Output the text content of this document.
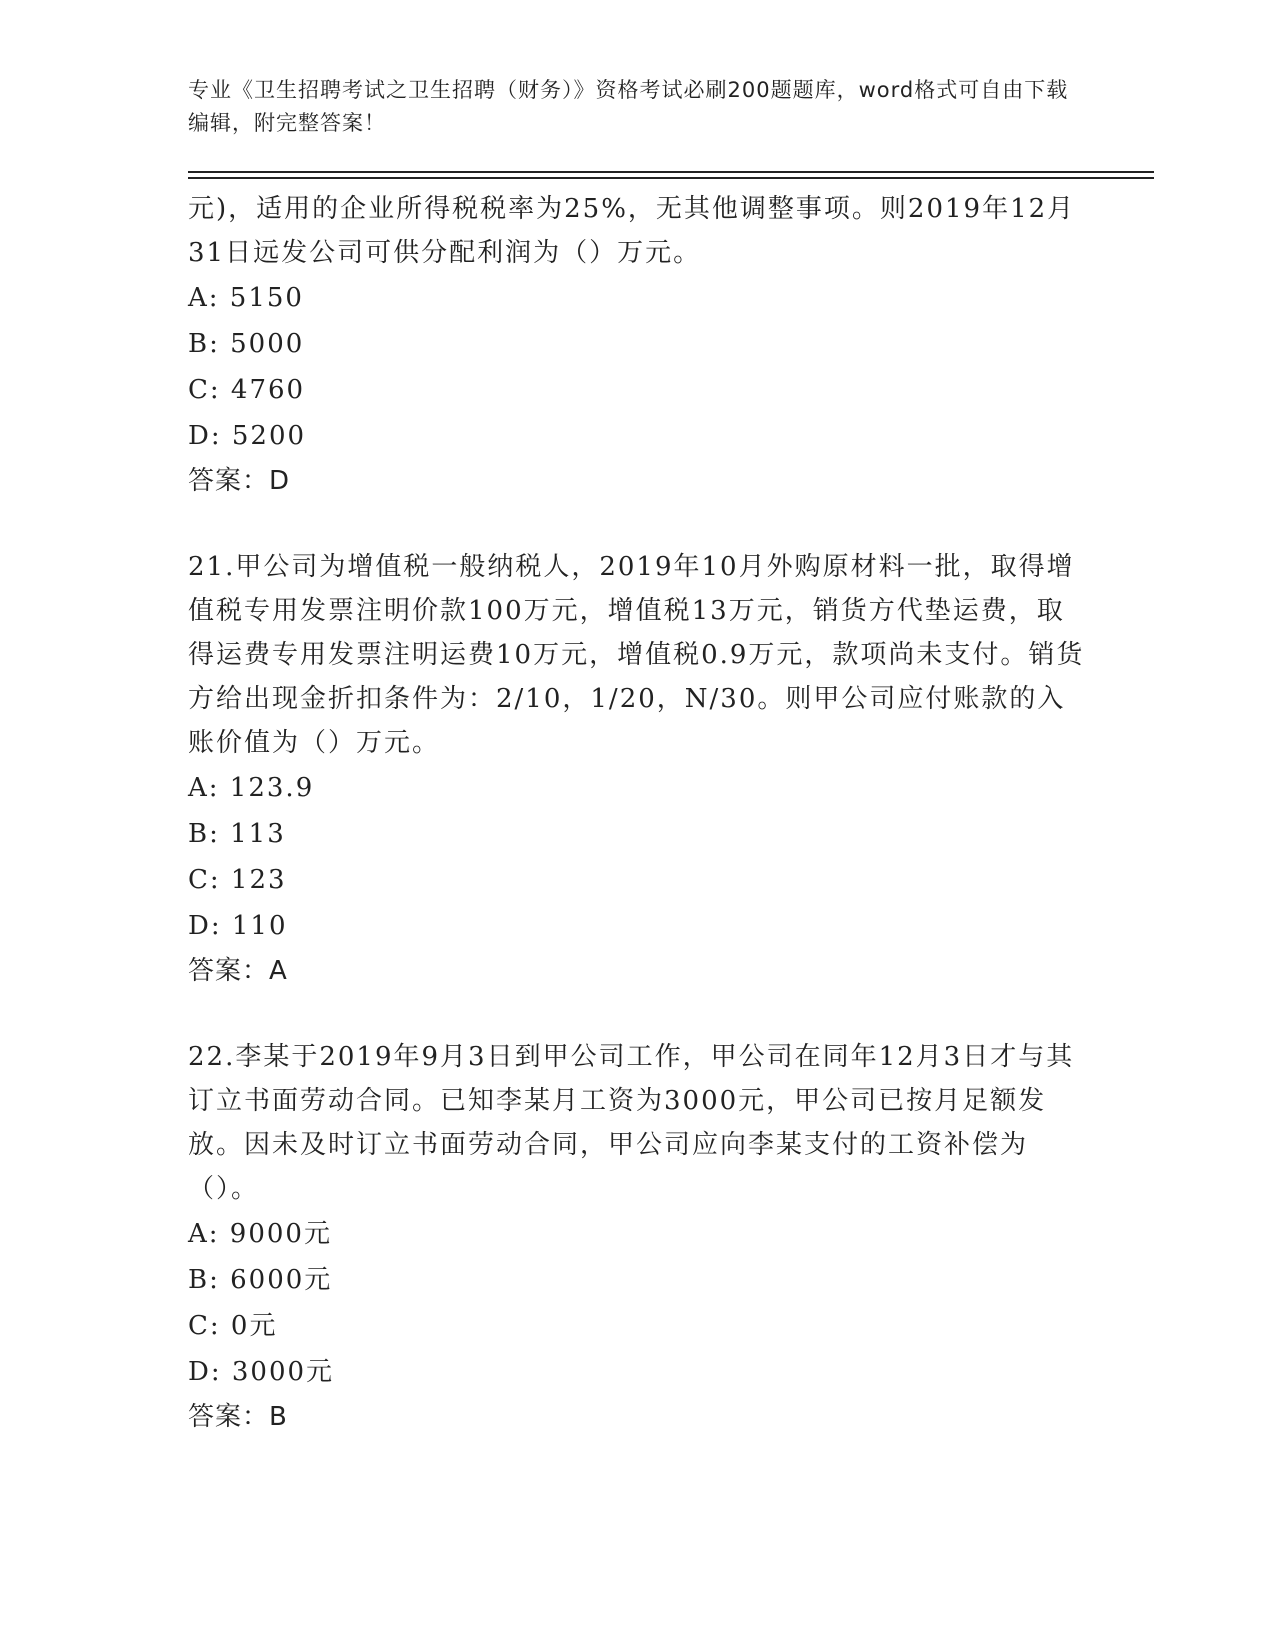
专业《卫生招聘考试之卫生招聘（财务）》资格考试必刷200题题库，word格式可自由下载编辑，附完整答案！

元)，适用的企业所得税税率为25%，无其他调整事项。则2019年12月31日远发公司可供分配利润为（）万元。

A: 5150

B: 5000

C: 4760

D: 5200

答案：D

21.甲公司为增值税一般纳税人，2019年10月外购原材料一批，取得增值税专用发票注明价款100万元，增值税13万元，销货方代垫运费，取得运费专用发票注明运费10万元，增值税0.9万元，款项尚未支付。销货方给出现金折扣条件为：2/10，1/20，N/30。则甲公司应付账款的入账价值为（）万元。

A: 123.9

B: 113

C: 123

D: 110

答案：A

22.李某于2019年9月3日到甲公司工作，甲公司在同年12月3日才与其订立书面劳动合同。已知李某月工资为3000元，甲公司已按月足额发放。因未及时订立书面劳动合同，甲公司应向李某支付的工资补偿为（）。

A: 9000元

B: 6000元

C: 0元

D: 3000元

答案：B
